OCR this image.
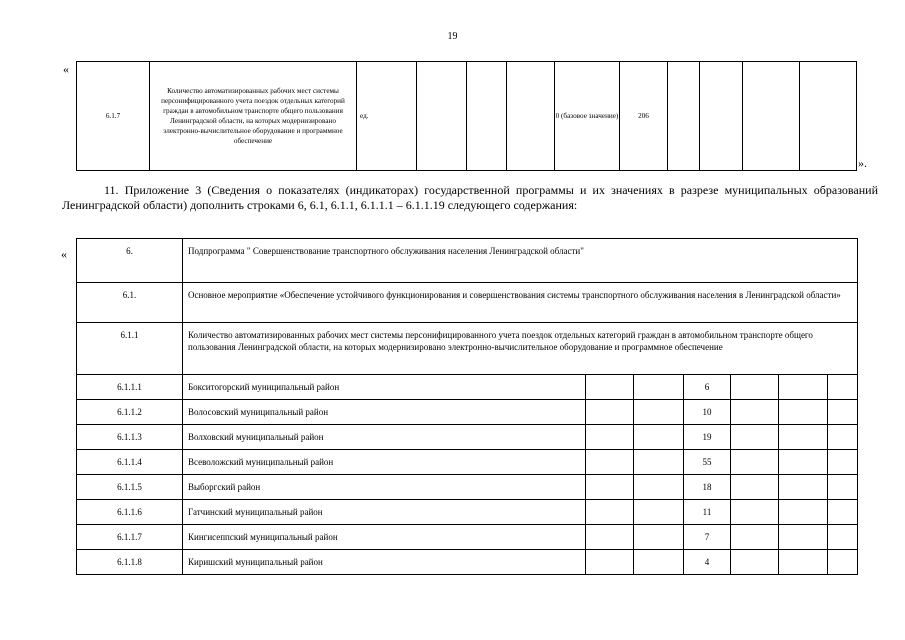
19
«
6.1.7	Количество автоматизированных рабочих мест системы персонифицированного учета поездок отдельных категорий граждан в автомобильном транспорте общего пользования Ленинградской области, на которых модернизировано электронно-вычислительное оборудование и программное обеспечение	ед.				0 (базовое значение)	206				
».
11. Приложение 3 (Сведения о показателях (индикаторах) государственной программы и их значениях в разрезе муниципальных образований Ленинградской области) дополнить строками 6, 6.1, 6.1.1, 6.1.1.1 – 6.1.1.19 следующего содержания:
«	6.	Подпрограмма " Совершенствование транспортного обслуживания населения Ленинградской области"						
6.1.	Основное мероприятие «Обеспечение устойчивого функционирования и совершенствования системы транспортного обслуживания населения в Ленинградской области»						
6.1.1	Количество автоматизированных рабочих мест системы персонифицированного учета поездок отдельных категорий граждан в автомобильном транспорте общего пользования Ленинградской области, на которых модернизировано электронно-вычислительное оборудование и программное обеспечение						
6.1.1.1	Бокситогорский муниципальный район			6			
6.1.1.2	Волосовский муниципальный район			10			
6.1.1.3	Волховский муниципальный район			19			
6.1.1.4	Всеволожский муниципальный район			55			
6.1.1.5	Выборгский район			18			
6.1.1.6	Гатчинский муниципальный район			11			
6.1.1.7	Кингисеппский муниципальный район			7			
6.1.1.8	Киришский муниципальный район			4			
